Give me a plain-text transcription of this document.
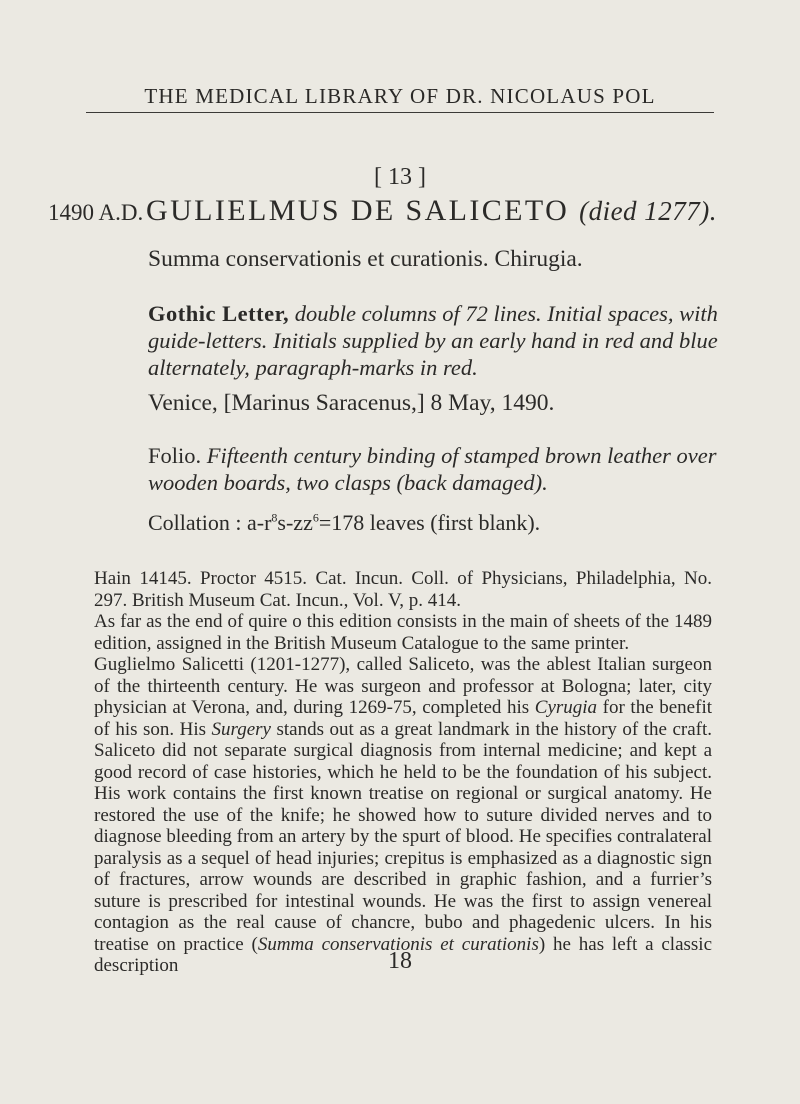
THE MEDICAL LIBRARY OF DR. NICOLAUS POL
[ 13 ]
1490 A.D. GULIELMUS DE SALICETO (died 1277).
Summa conservationis et curationis. Chirugia.
Gothic Letter, double columns of 72 lines. Initial spaces, with guide-letters. Initials supplied by an early hand in red and blue alternately, paragraph-marks in red.
Venice, [Marinus Saracenus,] 8 May, 1490.
Folio. Fifteenth century binding of stamped brown leather over wooden boards, two clasps (back damaged).
Collation : $a-r^8s-zz^6=178$ leaves (first blank).

Hain 14145. Proctor 4515. Cat. Incun. Coll. of Physicians, Philadelphia, No. 297. British Museum Cat. Incun., Vol. V, p. 414.

As far as the end of quire o this edition consists in the main of sheets of the 1489 edition, assigned in the British Museum Catalogue to the same printer.

Guglielmo Salicetti (1201-1277), called Saliceto, was the ablest Italian surgeon of the thirteenth century. He was surgeon and professor at Bologna; later, city physician at Verona, and, during 1269-75, completed his Cyrugia for the benefit of his son. His Surgery stands out as a great landmark in the history of the craft. Saliceto did not separate surgical diagnosis from internal medicine; and kept a good record of case histories, which he held to be the foundation of his subject. His work contains the first known treatise on regional or surgical anatomy. He restored the use of the knife; he showed how to suture divided nerves and to diagnose bleeding from an artery by the spurt of blood. He specifies contralateral paralysis as a sequel of head injuries; crepitus is emphasized as a diagnostic sign of fractures, arrow wounds are described in graphic fashion, and a furrier’s suture is prescribed for intestinal wounds. He was the first to assign venereal contagion as the real cause of chancre, bubo and phagedenic ulcers. In his treatise on practice (Summa conservationis et curationis) he has left a classic description	18
